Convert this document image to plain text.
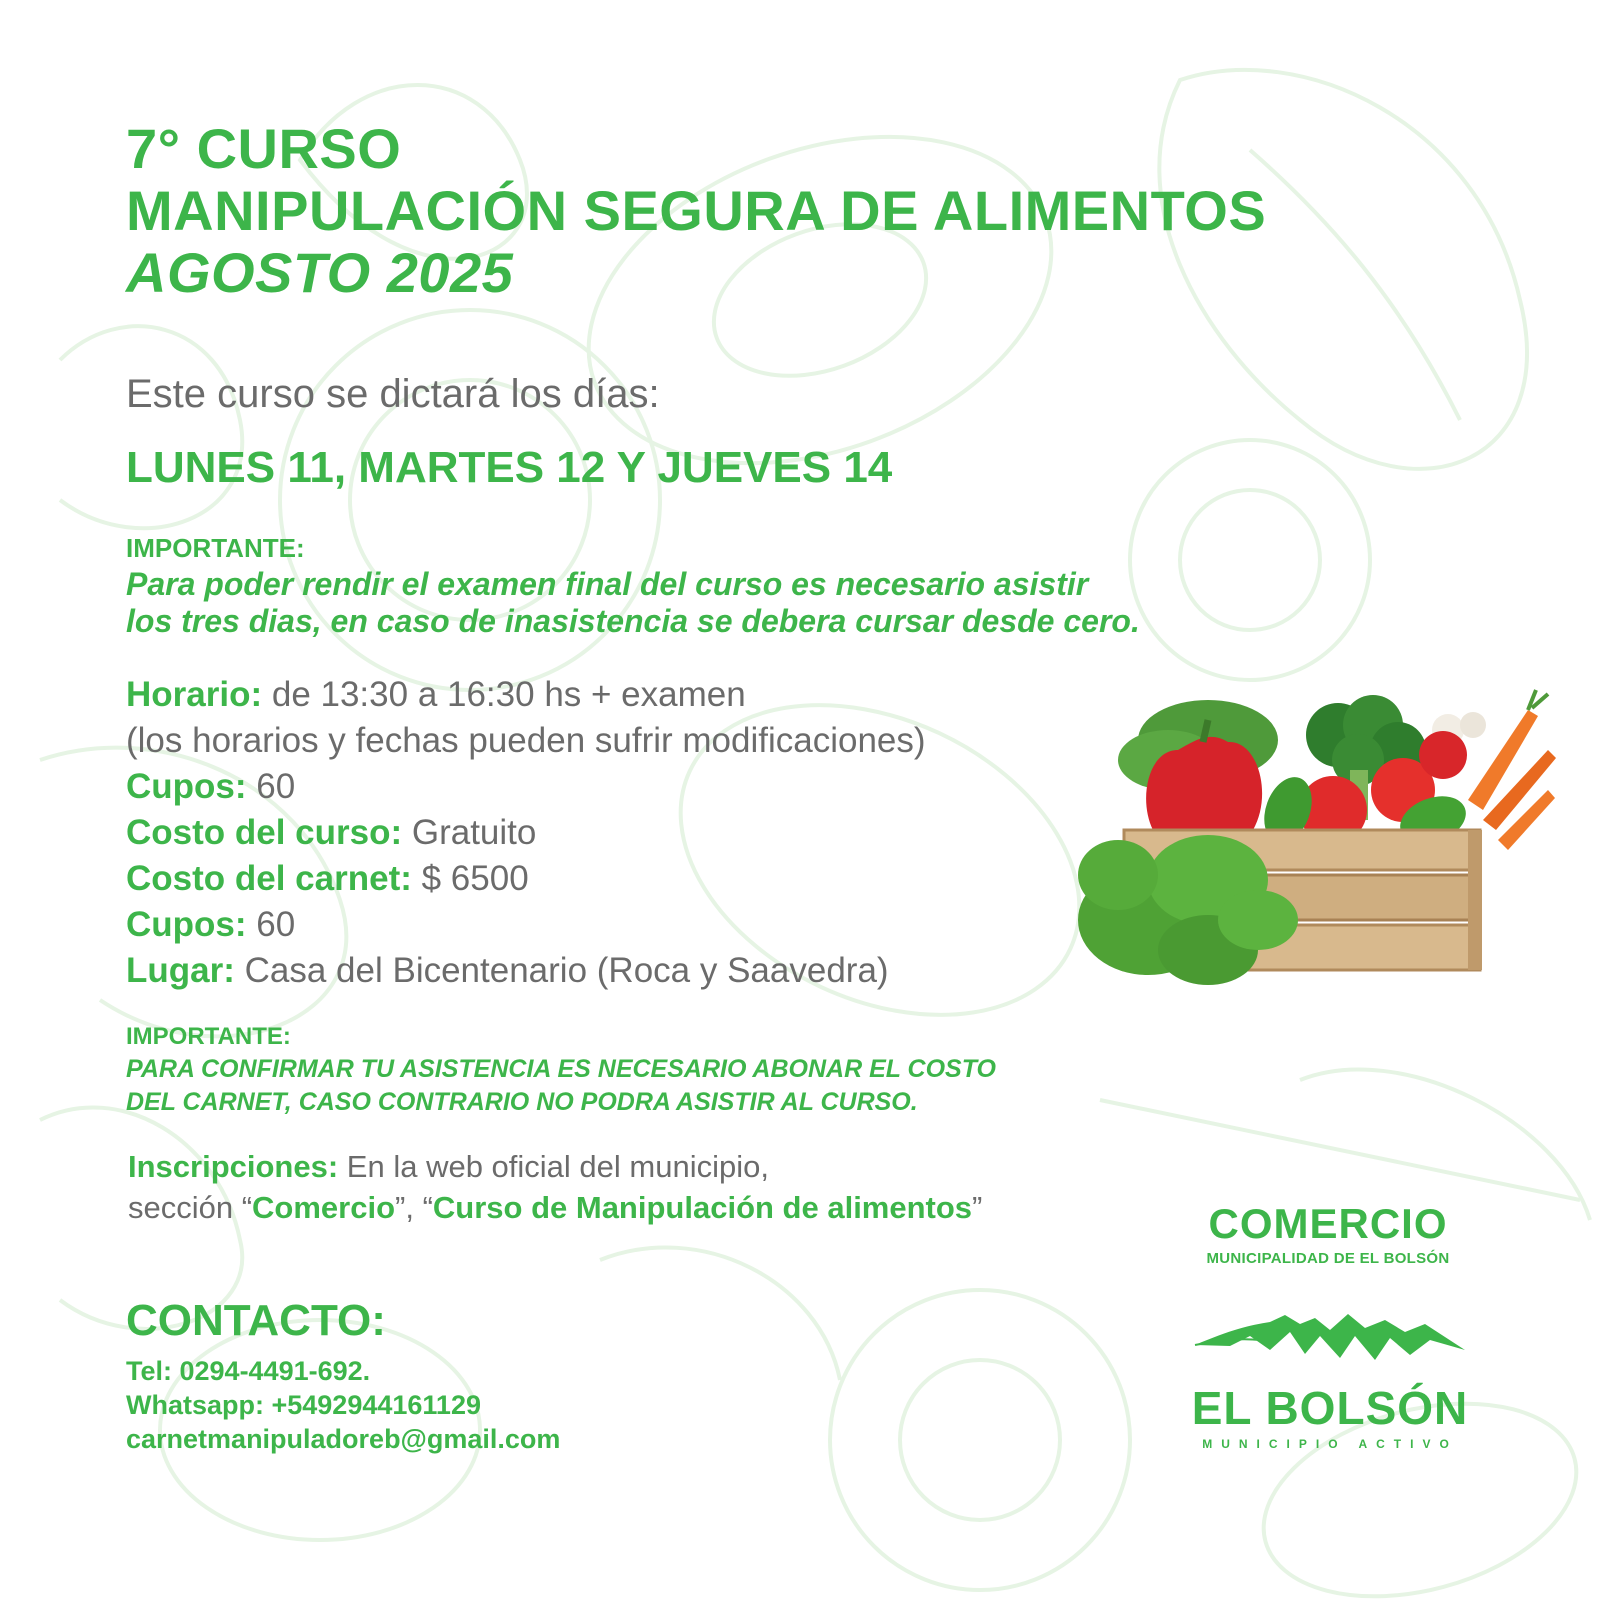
7° CURSO
MANIPULACIÓN SEGURA DE ALIMENTOS
AGOSTO 2025
Este curso se dictará los días:
LUNES 11, MARTES 12 Y JUEVES 14
IMPORTANTE:
Para poder rendir el examen final del curso es necesario asistir
los tres dias, en caso de inasistencia se debera cursar desde cero.
Horario: de 13:30 a 16:30 hs + examen
(los horarios y fechas pueden sufrir modificaciones)
Cupos: 60
Costo del curso: Gratuito
Costo del carnet: $ 6500
Cupos: 60
Lugar: Casa del Bicentenario (Roca y Saavedra)
IMPORTANTE:
PARA CONFIRMAR TU ASISTENCIA ES NECESARIO ABONAR EL COSTO
DEL CARNET, CASO CONTRARIO NO PODRA ASISTIR AL CURSO.
Inscripciones: En la web oficial del municipio,
sección “Comercio”, “Curso de Manipulación de alimentos”
CONTACTO:
Tel: 0294-4491-692.
Whatsapp: +5492944161129
carnetmanipuladoreb@gmail.com
COMERCIO
MUNICIPALIDAD DE EL BOLSÓN
EL BOLSÓN
MUNICIPIO ACTIVO
